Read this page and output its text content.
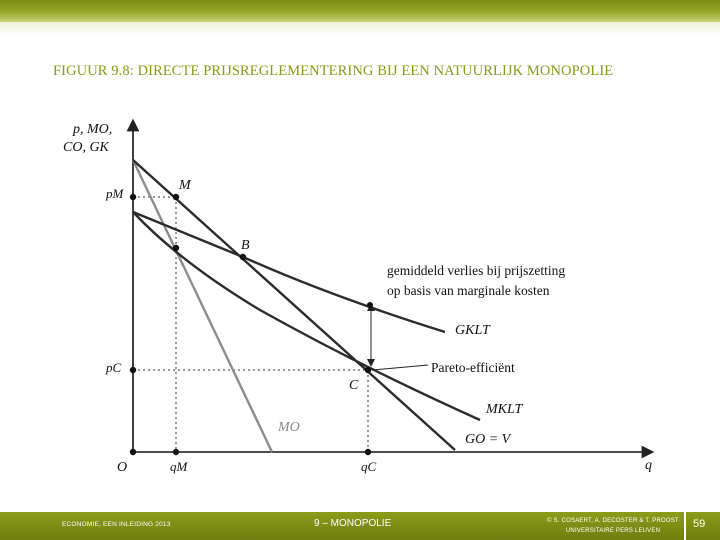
FIGUUR 9.8: DIRECTE PRIJSREGLEMENTERING BIJ EEN NATUURLIJK MONOPOLIE
p, MO,
CO, GK
pM
pC
O	qM	qC	q
M
B
C
GKLT
MKLT
MO
GO = V
gemiddeld verlies bij prijszetting
op basis van marginale kosten
Pareto-efficiënt
ECONOMIE, EEN INLEIDING 2013	9 – MONOPOLIE	© S. COSAERT, A. DECOSTER & T. PROOST
UNIVERSITAIRE PERS LEUVEN
59
